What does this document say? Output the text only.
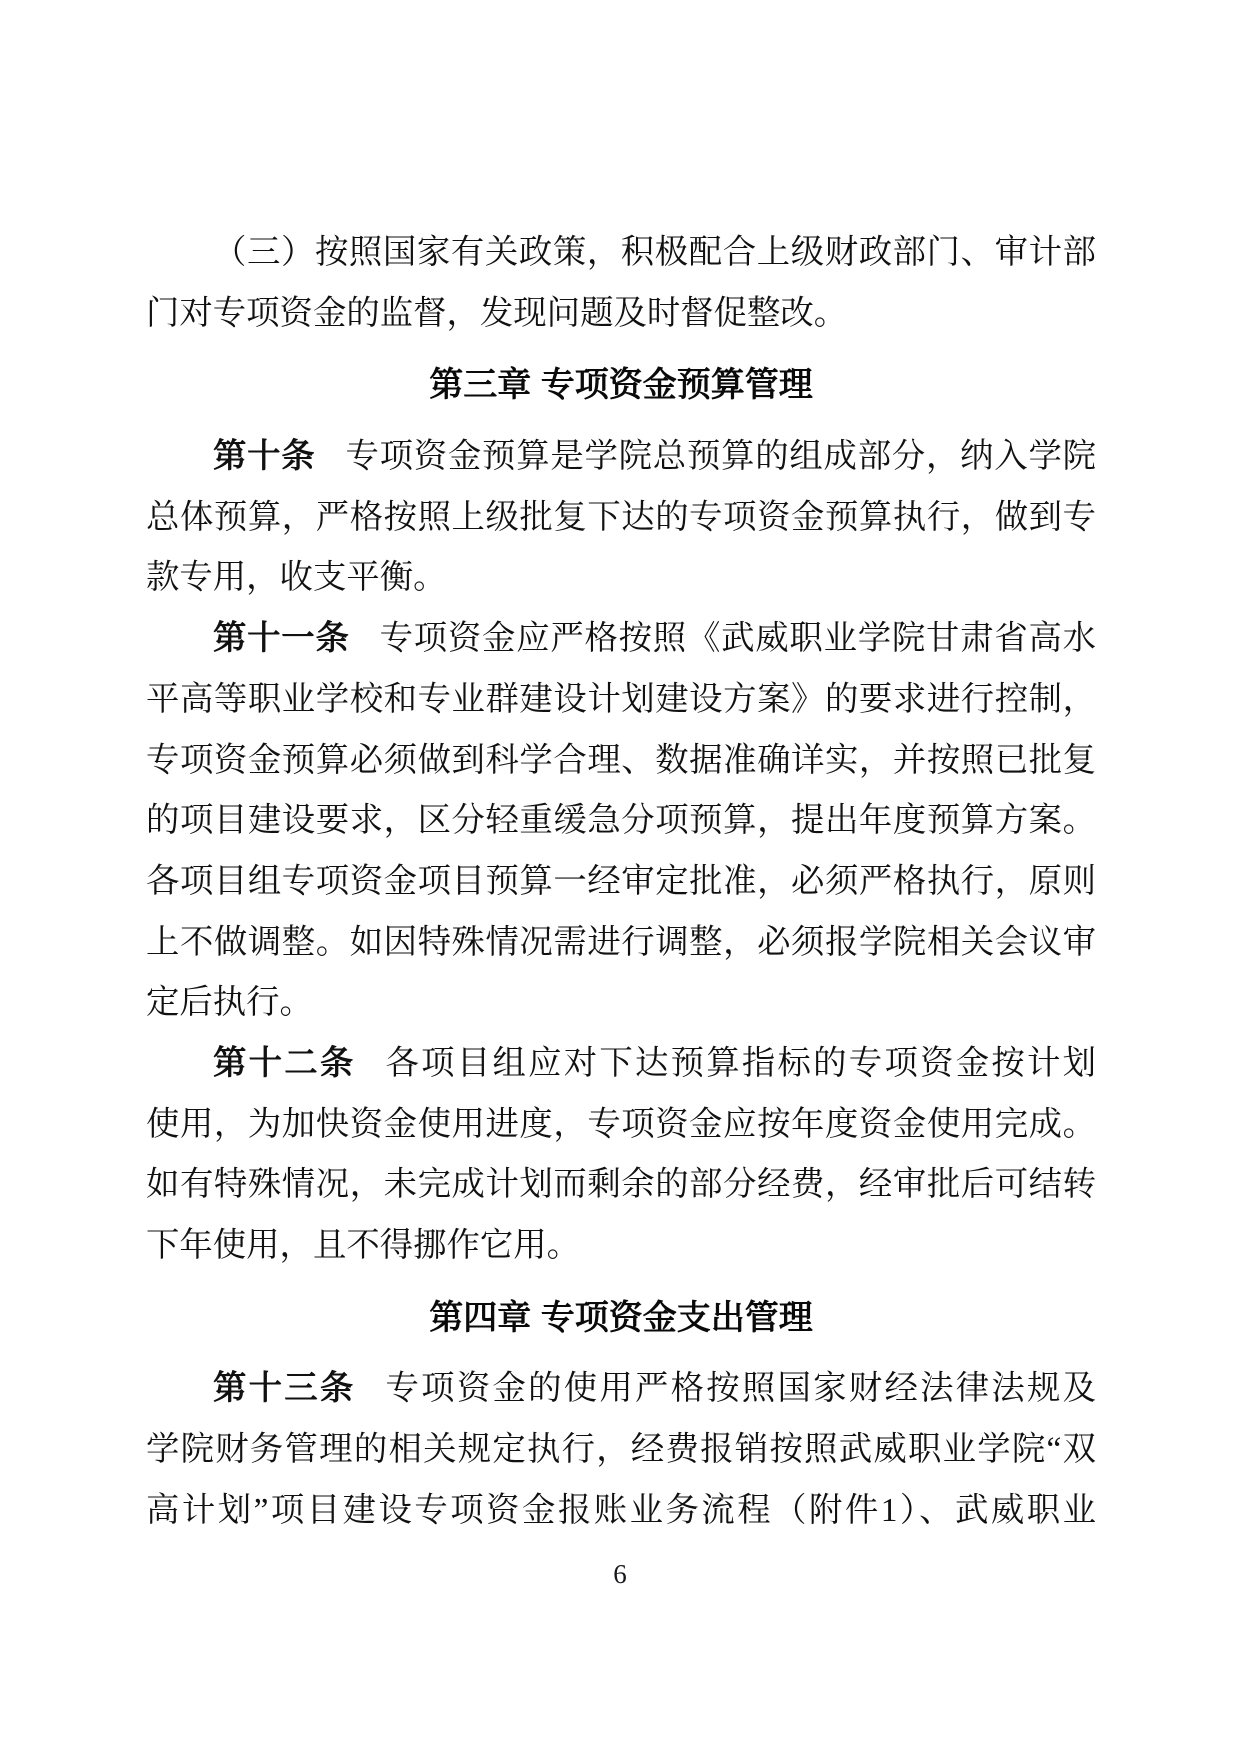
（三）按照国家有关政策，积极配合上级财政部门、审计部
门对专项资金的监督，发现问题及时督促整改。
第三章 专项资金预算管理
第十条 专项资金预算是学院总预算的组成部分，纳入学院
总体预算，严格按照上级批复下达的专项资金预算执行，做到专
款专用，收支平衡。
第十一条 专项资金应严格按照《武威职业学院甘肃省高水
平高等职业学校和专业群建设计划建设方案》的要求进行控制，
专项资金预算必须做到科学合理、数据准确详实，并按照已批复
的项目建设要求，区分轻重缓急分项预算，提出年度预算方案。
各项目组专项资金项目预算一经审定批准，必须严格执行，原则
上不做调整。如因特殊情况需进行调整，必须报学院相关会议审
定后执行。
第十二条 各项目组应对下达预算指标的专项资金按计划
使用，为加快资金使用进度，专项资金应按年度资金使用完成。
如有特殊情况，未完成计划而剩余的部分经费，经审批后可结转
下年使用，且不得挪作它用。
第四章 专项资金支出管理
第十三条 专项资金的使用严格按照国家财经法律法规及
学院财务管理的相关规定执行，经费报销按照武威职业学院“双
高计划”项目建设专项资金报账业务流程（附件1）、武威职业
6
